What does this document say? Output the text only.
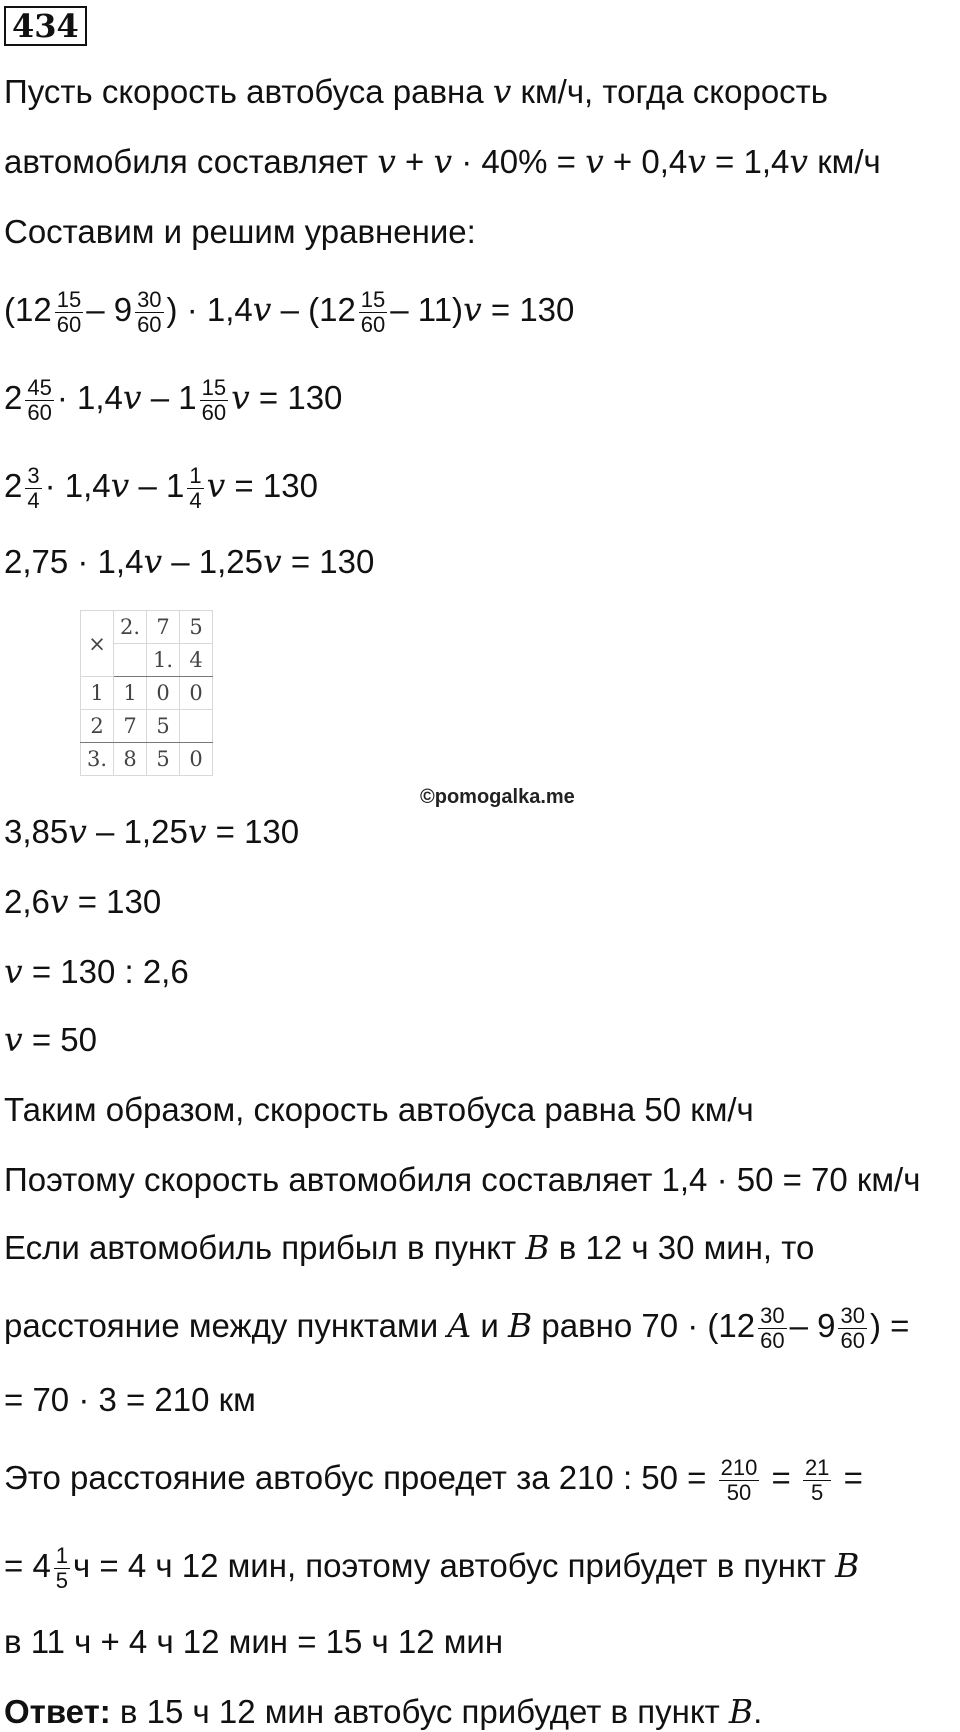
434
Пусть скорость автобуса равна v км/ч, тогда скорость
автомобиля составляет v + v · 40% = v + 0,4v = 1,4v км/ч
Составим и решим уравнение:
($12 \frac{15}{60} - 9 \frac{30}{60}$ ) · $1,4v - (12 \frac{15}{60} - 11)v = 130$
$2 \frac{45}{60} \cdot 1,4v - 1 \frac{15}{60}$ v = 130
$2 \frac{3}{4} \cdot 1,4v - 1 \frac{1}{4}$ v = 130
2,75 · 1,4v – 1,25v = 130
×	2.	7	5
		1.	4
1	1	0	0
2	7	5	
3.	8	5	0
©pomogalka.me
3,85v – 1,25v = 130
2,6v = 130
v = 130 : 2,6
v = 50
Таким образом, скорость автобуса равна 50 км/ч
Поэтому скорость автомобиля составляет 1,4 · 50 = 70 км/ч
Если автомобиль прибыл в пункт B в 12 ч 30 мин, то
расстояние между пунктами A и B равно $70 \cdot (12 \frac{30}{60} - 9 \frac{30}{60}$ ) =
= 70 · 3 = 210 км
Это расстояние автобус проедет за 210 : $50 = \frac{210}{50} = \frac{21}{5}$ =
= $4 \frac{1}{5}$ ч = 4 ч 12 мин, поэтому автобус прибудет в пункт B
в 11 ч + 4 ч 12 мин = 15 ч 12 мин
Ответ: в 15 ч 12 мин автобус прибудет в пункт B.
